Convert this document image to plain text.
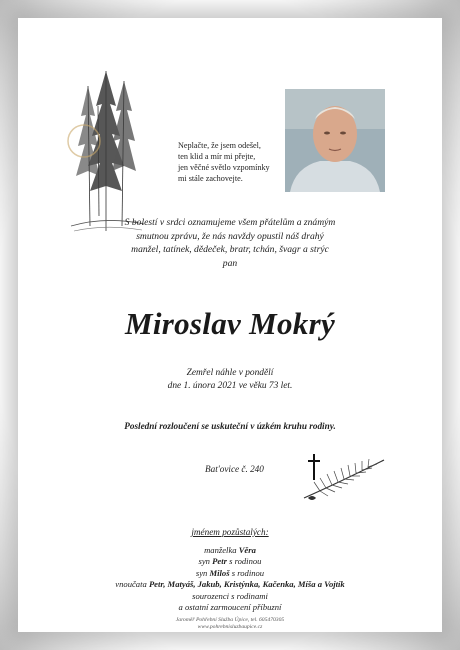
Neplačte, že jsem odešel,
ten klid a mír mi přejte,
jen věčné světlo vzpomínky
mi stále zachovejte.
S bolestí v srdci oznamujeme všem přátelům a známým
smutnou zprávu, že nás navždy opustil náš drahý
manžel, tatínek, dědeček, bratr, tchán, švagr a strýc
pan
Miroslav Mokrý
Zemřel náhle v pondělí
dne 1. února 2021 ve věku 73 let.
Poslední rozloučení se uskuteční v úzkém kruhu rodiny.
Bat'ovice č. 240
jménem pozůstalých:
manželka Věra
syn Petr s rodinou
syn Miloš s rodinou
vnoučata Petr, Matyáš, Jakub, Kristýnka, Kačenka, Míša a Vojtík
sourozenci s rodinami
a ostatní zarmoucení příbuzní
Jaroměř Pohřební Služba Úpice, tel. 605470305
www.pohrebnisluzbaupice.cz
